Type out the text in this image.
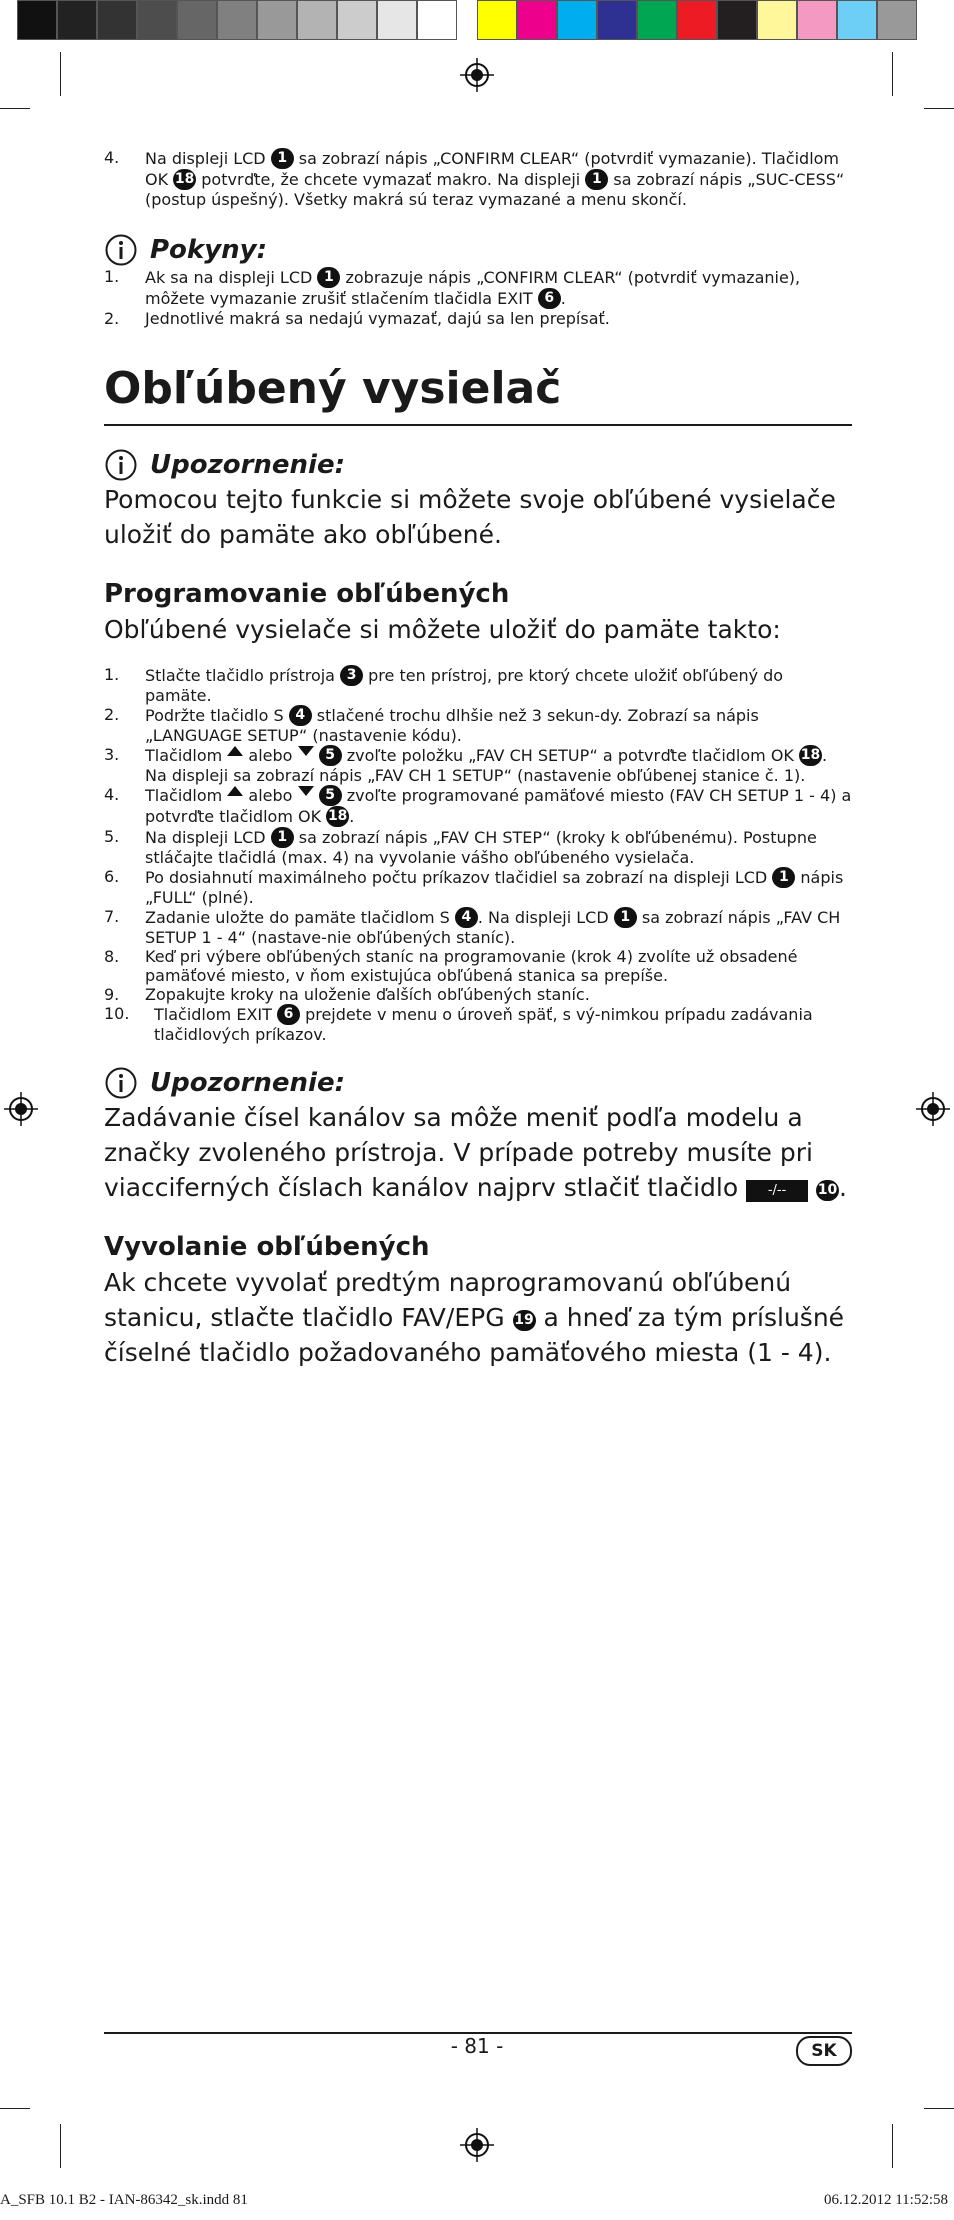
4. Na displeji LCD 1 sa zobrazí nápis „CONFIRM CLEAR“ (potvrdiť vymazanie). Tlačidlom OK 18 potvrďte, že chcete vymazať makro. Na displeji 1 sa zobrazí nápis „SUC-CESS“ (postup úspešný). Všetky makrá sú teraz vymazané a menu skončí.
Pokyny:
1. Ak sa na displeji LCD 1 zobrazuje nápis „CONFIRM CLEAR“ (potvrdiť vymazanie), môžete vymazanie zrušiť stlačením tlačidla EXIT 6 .
2. Jednotlivé makrá sa nedajú vymazať, dajú sa len prepísať.
Obľúbený vysielač
Upozornenie:

Pomocou tejto funkcie si môžete svoje obľúbené vysielače uložiť do pamäte ako obľúbené.

Programovanie obľúbených

Obľúbené vysielače si môžete uložiť do pamäte takto:

1. Stlačte tlačidlo prístroja 3 pre ten prístroj, pre ktorý chcete uložiť obľúbený do pamäte.
2. Podržte tlačidlo S 4 stlačené trochu dlhšie než 3 sekun-dy. Zobrazí sa nápis „LANGUAGE SETUP“ (nastavenie kódu).
3. Tlačidlom  alebo  5 zvoľte položku „FAV CH SETUP“ a potvrďte tlačidlom OK 18 . Na displeji sa zobrazí nápis „FAV CH 1 SETUP“ (nastavenie obľúbenej stanice č. 1).
4. Tlačidlom  alebo  5 zvoľte programované pamäťové miesto (FAV CH SETUP 1 - 4) a potvrďte tlačidlom OK 18 .
5. Na displeji LCD 1 sa zobrazí nápis „FAV CH STEP“ (kroky k obľúbenému). Postupne stláčajte tlačidlá (max. 4) na vyvolanie vášho obľúbeného vysielača.
6. Po dosiahnutí maximálneho počtu príkazov tlačidiel sa zobrazí na displeji LCD 1 nápis „FULL“ (plné).
7. Zadanie uložte do pamäte tlačidlom S 4 . Na displeji LCD 1 sa zobrazí nápis „FAV CH SETUP 1 - 4“ (nastave-nie obľúbených staníc).
8. Keď pri výbere obľúbených staníc na programovanie (krok 4) zvolíte už obsadené pamäťové miesto, v ňom existujúca obľúbená stanica sa prepíše.
9. Zopakujte kroky na uloženie ďalších obľúbených staníc.
10. Tlačidlom EXIT 6 prejdete v menu o úroveň späť, s vý-nimkou prípadu zadávania tlačidlových príkazov.
Upozornenie:

Zadávanie čísel kanálov sa môže meniť podľa modelu a značky zvoleného prístroja. V prípade potreby musíte pri viacciferných číslach kanálov najprv stlačiť tlačidlo -/-- 10.

Vyvolanie obľúbených

Ak chcete vyvolať predtým naprogramovanú obľúbenú stanicu, stlačte tlačidlo FAV/EPG 19 a hneď za tým príslušné číselné tlačidlo požadovaného pamäťového miesta (1 - 4).

- 81 -	SK
A_SFB 10.1 B2 - IAN-86342_sk.indd 81	06.12.2012 11:52:58
